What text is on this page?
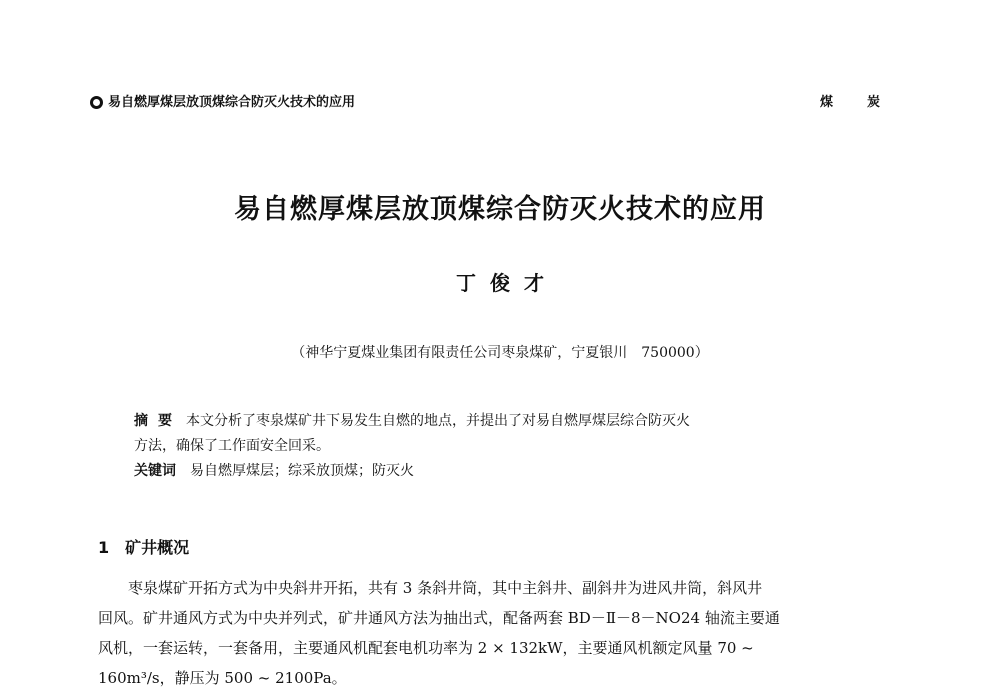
易自燃厚煤层放顶煤综合防灭火技术的应用	煤炭
易自燃厚煤层放顶煤综合防灭火技术的应用
丁俊才
（神华宁夏煤业集团有限责任公司枣泉煤矿，宁夏银川　750000）
摘要 本文分析了枣泉煤矿井下易发生自燃的地点，并提出了对易自燃厚煤层综合防灭火
方法，确保了工作面安全回采。
关键词 易自燃厚煤层；综采放顶煤；防灭火
1 矿井概况
枣泉煤矿开拓方式为中央斜井开拓，共有 3 条斜井筒，其中主斜井、副斜井为进风井筒，斜风井
回风。矿井通风方式为中央并列式，矿井通风方法为抽出式，配备两套 BD－Ⅱ－8－NO24 轴流主要通
风机，一套运转，一套备用，主要通风机配套电机功率为 2 × 132kW，主要通风机额定风量 70 ~
160m³/s，静压为 500 ~ 2100Pa。
